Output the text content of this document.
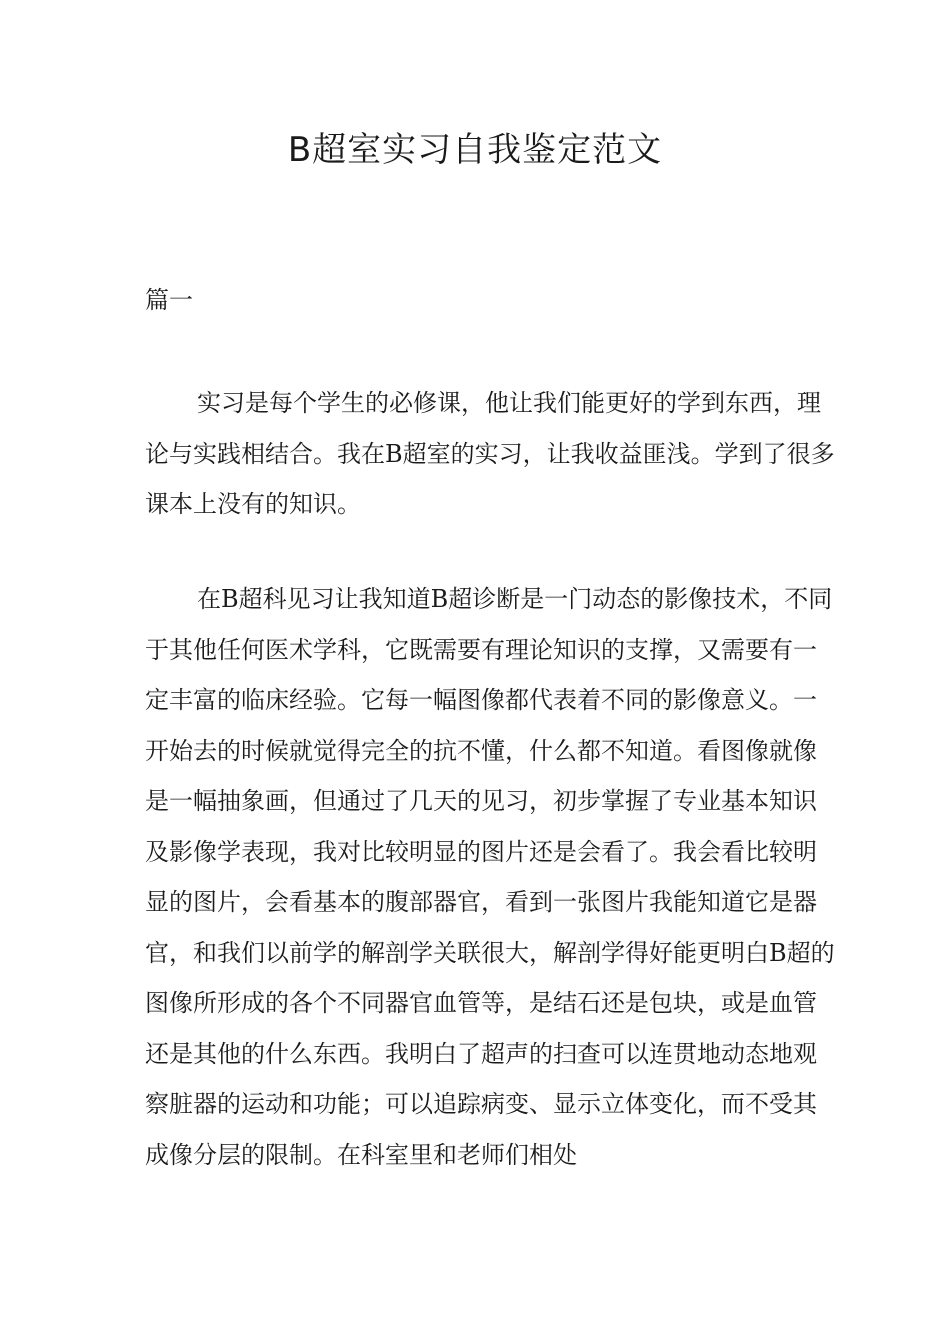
B超室实习自我鉴定范文

篇一

实习是每个学生的必修课，他让我们能更好的学到东西，理论与实践相结合。我在B超室的实习，让我收益匪浅。学到了很多课本上没有的知识。

在B超科见习让我知道B超诊断是一门动态的影像技术，不同于其他任何医术学科，它既需要有理论知识的支撑，又需要有一定丰富的临床经验。它每一幅图像都代表着不同的影像意义。一开始去的时候就觉得完全的抗不懂，什么都不知道。看图像就像是一幅抽象画，但通过了几天的见习，初步掌握了专业基本知识及影像学表现，我对比较明显的图片还是会看了。我会看比较明显的图片，会看基本的腹部器官，看到一张图片我能知道它是器官，和我们以前学的解剖学关联很大，解剖学得好能更明白B超的图像所形成的各个不同器官血管等，是结石还是包块，或是血管还是其他的什么东西。我明白了超声的扫查可以连贯地动态地观察脏器的运动和功能；可以追踪病变、显示立体变化，而不受其成像分层的限制。在科室里和老师们相处
